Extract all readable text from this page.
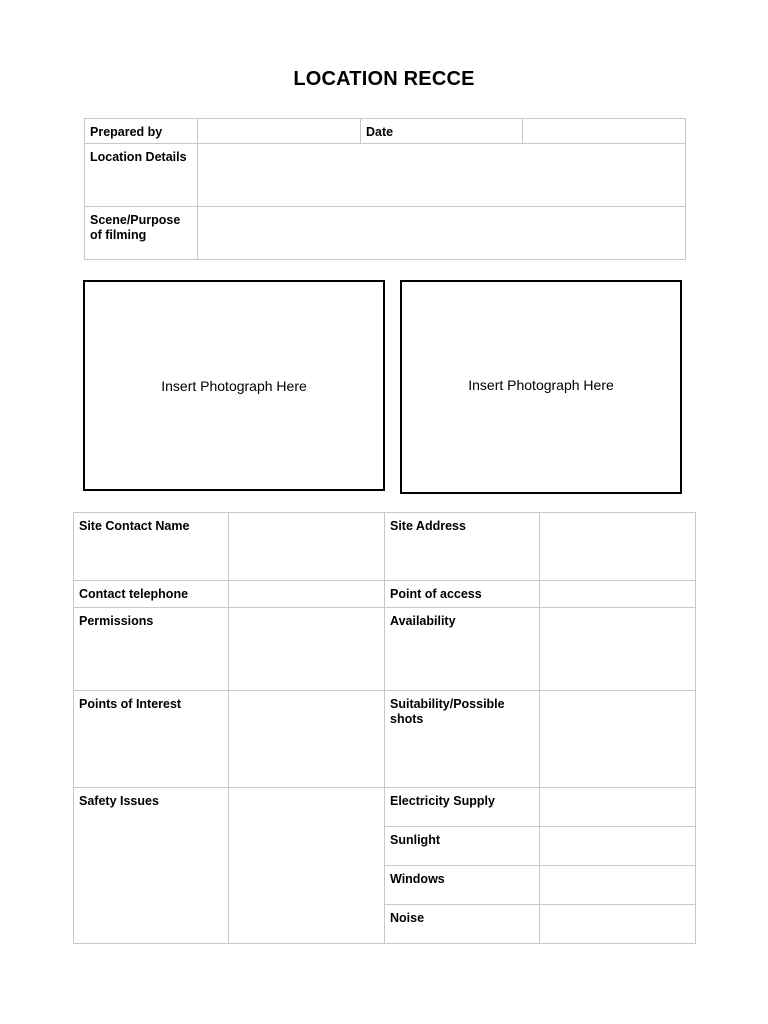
LOCATION RECCE
Prepared by		Date	
Location Details			
Scene/Purpose of filming			
Insert Photograph Here	Insert Photograph Here
Site Contact Name		Site Address	
Contact telephone		Point of access	
Permissions		Availability	
Points of Interest		Suitability/Possible shots	
Safety Issues		Electricity Supply	
		Sunlight	
		Windows	
		Noise	
